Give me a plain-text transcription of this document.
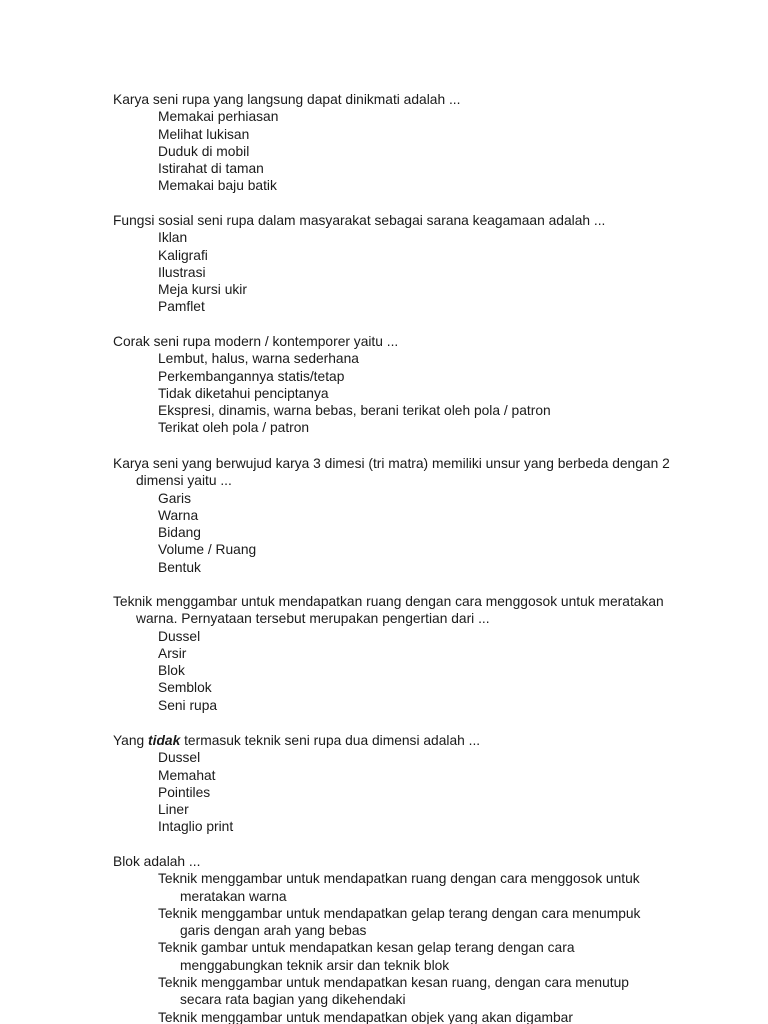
Karya seni rupa yang langsung dapat dinikmati adalah ...

Memakai perhiasan
Melihat lukisan
Duduk di mobil
Istirahat di taman
Memakai baju batik

Fungsi sosial seni rupa dalam masyarakat sebagai sarana keagamaan adalah ...

Iklan
Kaligrafi
Ilustrasi
Meja kursi ukir
Pamflet

Corak seni rupa modern / kontemporer yaitu ...

Lembut, halus, warna sederhana
Perkembangannya statis/tetap
Tidak diketahui penciptanya
Ekspresi, dinamis, warna bebas, berani terikat oleh pola / patron
Terikat oleh pola / patron

Karya seni yang berwujud karya 3 dimesi (tri matra) memiliki unsur yang berbeda dengan 2 dimensi yaitu ...

Garis
Warna
Bidang
Volume / Ruang
Bentuk

Teknik menggambar untuk mendapatkan ruang dengan cara menggosok untuk meratakan warna. Pernyataan tersebut merupakan pengertian dari ...

Dussel
Arsir
Blok
Semblok
Seni rupa

Yang tidak termasuk teknik seni rupa dua dimensi adalah ...

Dussel
Memahat
Pointiles
Liner
Intaglio print

Blok adalah ...

Teknik menggambar untuk mendapatkan ruang dengan cara menggosok untuk meratakan warna
Teknik menggambar untuk mendapatkan gelap terang dengan cara menumpuk garis dengan arah yang bebas
Teknik gambar untuk mendapatkan kesan gelap terang dengan cara menggabungkan teknik arsir dan teknik blok
Teknik menggambar untuk mendapatkan kesan ruang, dengan cara menutup secara rata bagian yang dikehendaki
Teknik menggambar untuk mendapatkan objek yang akan digambar
